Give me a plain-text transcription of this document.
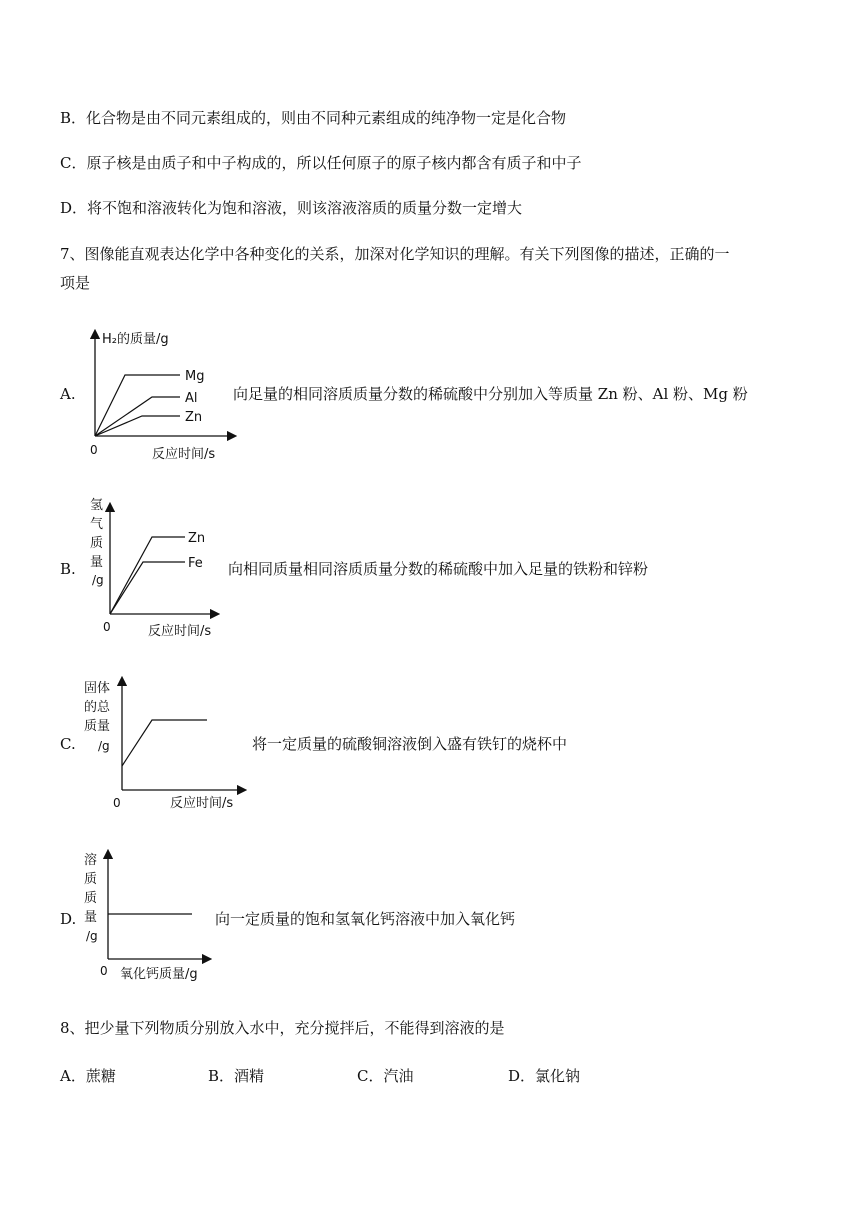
B．化合物是由不同元素组成的，则由不同种元素组成的纯净物一定是化合物
C．原子核是由质子和中子构成的，所以任何原子的原子核内都含有质子和中子
D．将不饱和溶液转化为饱和溶液，则该溶液溶质的质量分数一定增大
7、图像能直观表达化学中各种变化的关系，加深对化学知识的理解。有关下列图像的描述，正确的一
项是
A.
H₂的质量/g
0	反应时间/s
Mg
Al
Zn
向足量的相同溶质质量分数的稀硫酸中分别加入等质量 Zn 粉、Al 粉、Mg 粉
B.
氢
气
质
量
/g
0	反应时间/s
Zn
Fe 向相同质量相同溶质质量分数的稀硫酸中加入足量的铁粉和锌粉
C.
固体
的总
质量
/g
0	反应时间/s
将一定质量的硫酸铜溶液倒入盛有铁钉的烧杯中
D.
溶
质
质
量
/g
0 氧化钙质量/g
向一定质量的饱和氢氧化钙溶液中加入氧化钙
8、把少量下列物质分别放入水中，充分搅拌后，不能得到溶液的是
A．蔗糖	B．酒精	C．汽油	D．氯化钠
